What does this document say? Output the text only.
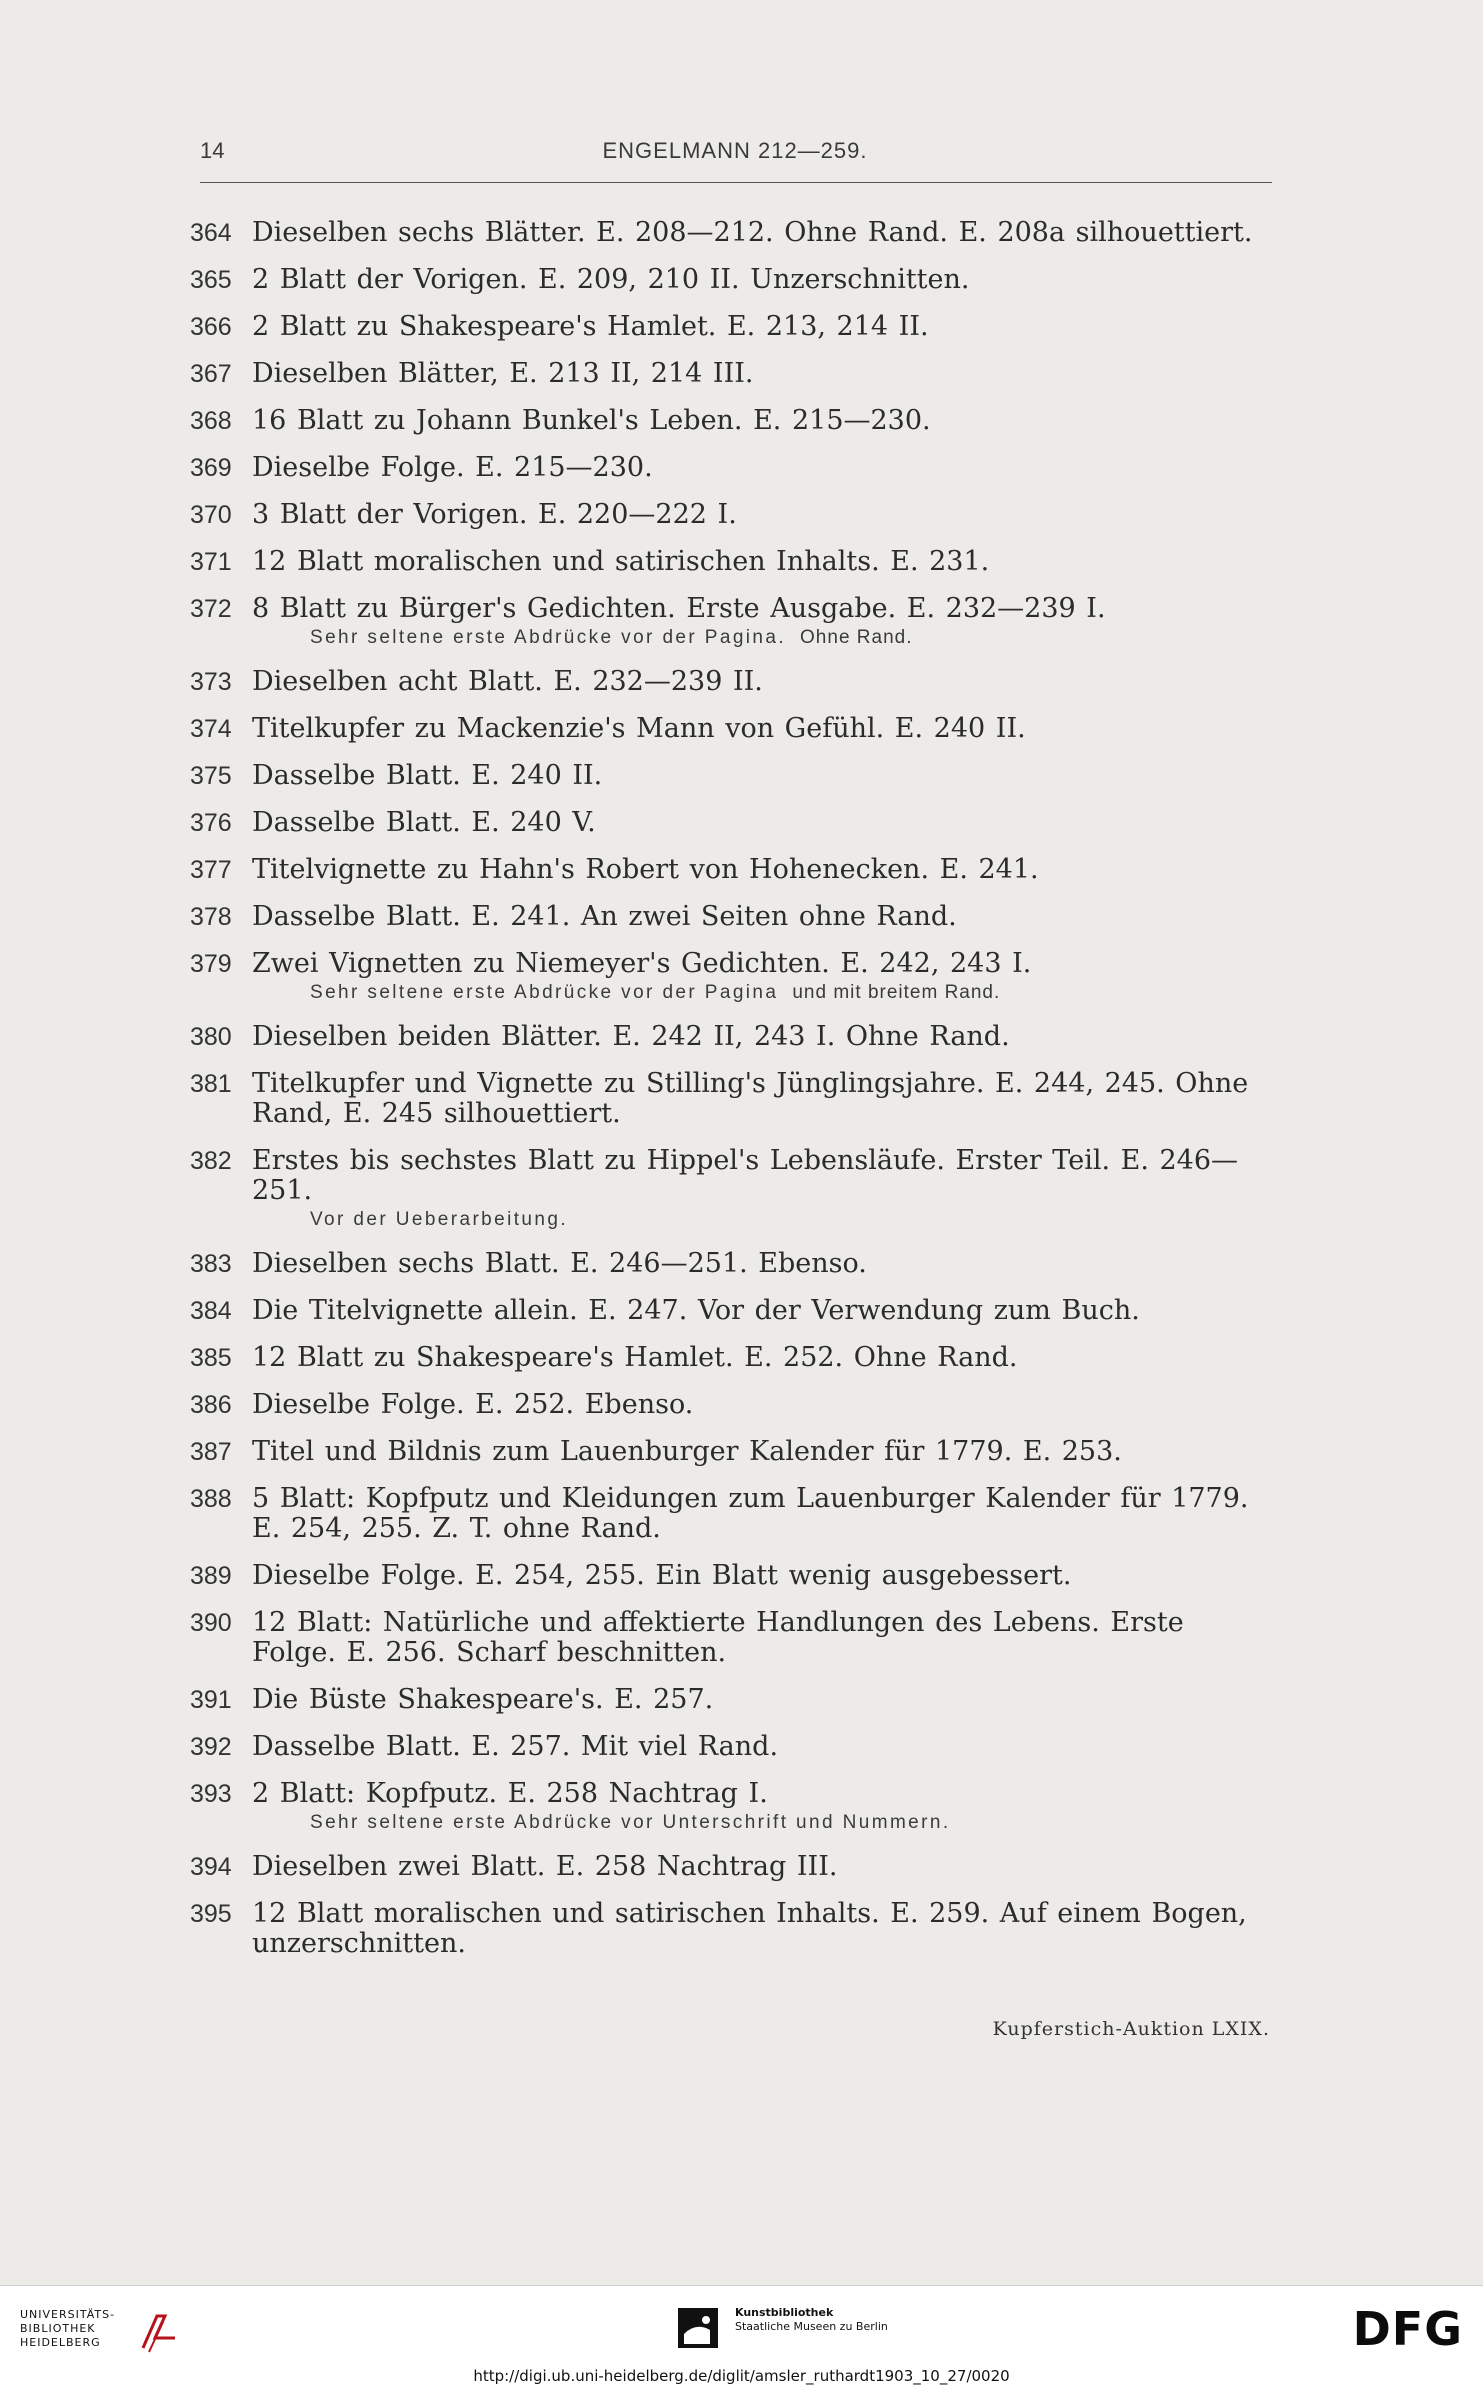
14	ENGELMANN 212—259.
364 Dieselben sechs Blätter. E. 208—212. Ohne Rand. E. 208a silhouettiert.
365 2 Blatt der Vorigen. E. 209, 210 II. Unzerschnitten.
366 2 Blatt zu Shakespeare's Hamlet. E. 213, 214 II.
367 Dieselben Blätter, E. 213 II, 214 III.
368 16 Blatt zu Johann Bunkel's Leben. E. 215—230.
369 Dieselbe Folge. E. 215—230.
370 3 Blatt der Vorigen. E. 220—222 I.
371 12 Blatt moralischen und satirischen Inhalts. E. 231.
372 8 Blatt zu Bürger's Gedichten. Erste Ausgabe. E. 232—239 I.
Sehr seltene erste Abdrücke vor der Pagina. Ohne Rand.
373 Dieselben acht Blatt. E. 232—239 II.
374 Titelkupfer zu Mackenzie's Mann von Gefühl. E. 240 II.
375 Dasselbe Blatt. E. 240 II.
376 Dasselbe Blatt. E. 240 V.
377 Titelvignette zu Hahn's Robert von Hohenecken. E. 241.
378 Dasselbe Blatt. E. 241. An zwei Seiten ohne Rand.
379 Zwei Vignetten zu Niemeyer's Gedichten. E. 242, 243 I.
Sehr seltene erste Abdrücke vor der Pagina und mit breitem Rand.
380 Dieselben beiden Blätter. E. 242 II, 243 I. Ohne Rand.
381 Titelkupfer und Vignette zu Stilling's Jünglingsjahre. E. 244, 245. Ohne Rand, E. 245 silhouettiert.
382 Erstes bis sechstes Blatt zu Hippel's Lebensläufe. Erster Teil. E. 246—251.
Vor der Ueberarbeitung.
383 Dieselben sechs Blatt. E. 246—251. Ebenso.
384 Die Titelvignette allein. E. 247. Vor der Verwendung zum Buch.
385 12 Blatt zu Shakespeare's Hamlet. E. 252. Ohne Rand.
386 Dieselbe Folge. E. 252. Ebenso.
387 Titel und Bildnis zum Lauenburger Kalender für 1779. E. 253.
388 5 Blatt: Kopfputz und Kleidungen zum Lauenburger Kalender für 1779. E. 254, 255. Z. T. ohne Rand.
389 Dieselbe Folge. E. 254, 255. Ein Blatt wenig ausgebessert.
390 12 Blatt: Natürliche und affektierte Handlungen des Lebens. Erste Folge. E. 256. Scharf beschnitten.
391 Die Büste Shakespeare's. E. 257.
392 Dasselbe Blatt. E. 257. Mit viel Rand.
393 2 Blatt: Kopfputz. E. 258 Nachtrag I.
Sehr seltene erste Abdrücke vor Unterschrift und Nummern.
394 Dieselben zwei Blatt. E. 258 Nachtrag III.
395 12 Blatt moralischen und satirischen Inhalts. E. 259. Auf einem Bogen, unzerschnitten.
Kupferstich-Auktion LXIX.
UNIVERSITÄTS-
BIBLIOTHEK
HEIDELBERG
Kunstbibliothek
Staatliche Museen zu Berlin	DFG
http://digi.ub.uni-heidelberg.de/diglit/amsler_ruthardt1903_10_27/0020
